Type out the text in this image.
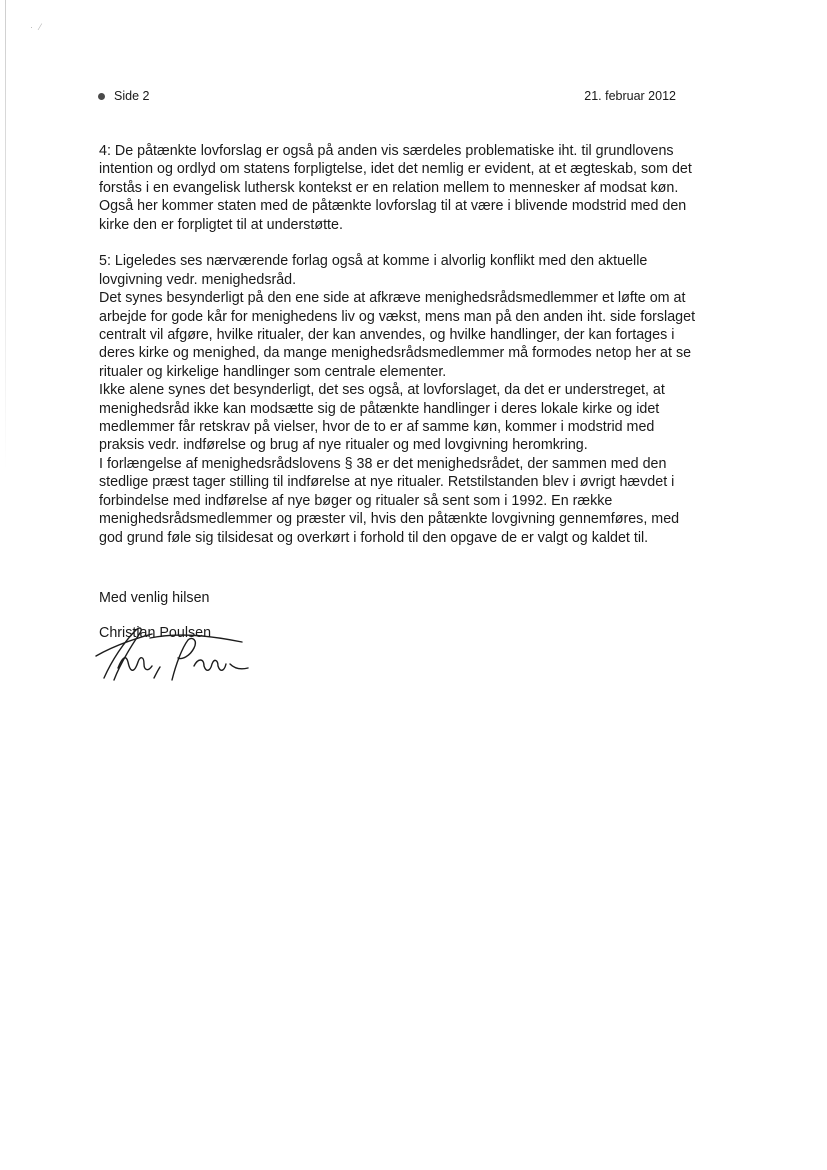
· ⁄
Side 2	21. februar 2012
4: De påtænkte lovforslag er også på anden vis særdeles problematiske iht. til grundlovens
intention og ordlyd om statens forpligtelse, idet det nemlig er evident, at et ægteskab, som det
forstås i en evangelisk luthersk kontekst er en relation mellem to mennesker af modsat køn.
Også her kommer staten med de påtænkte lovforslag til at være i blivende modstrid med den
kirke den er forpligtet til at understøtte.
5: Ligeledes ses nærværende forlag også at komme i alvorlig konflikt med den aktuelle
lovgivning vedr. menighedsråd.
Det synes besynderligt på den ene side at afkræve menighedsrådsmedlemmer et løfte om at
arbejde for gode kår for menighedens liv og vækst, mens man på den anden iht. side forslaget
centralt vil afgøre, hvilke ritualer, der kan anvendes, og hvilke handlinger, der kan fortages i
deres kirke og menighed, da mange menighedsrådsmedlemmer må formodes netop her at se
ritualer og kirkelige handlinger som centrale elementer.
Ikke alene synes det besynderligt, det ses også, at lovforslaget, da det er understreget, at
menighedsråd ikke kan modsætte sig de påtænkte handlinger i deres lokale kirke og idet
medlemmer får retskrav på vielser, hvor de to er af samme køn, kommer i modstrid med
praksis vedr. indførelse og brug af nye ritualer og med lovgivning heromkring.
I forlængelse af menighedsrådslovens § 38 er det menighedsrådet, der sammen med den
stedlige præst tager stilling til indførelse at nye ritualer. Retstilstanden blev i øvrigt hævdet i
forbindelse med indførelse af nye bøger og ritualer så sent som i 1992. En række
menighedsrådsmedlemmer og præster vil, hvis den påtænkte lovgivning gennemføres, med
god grund føle sig tilsidesat og overkørt i forhold til den opgave de er valgt og kaldet til.
Med venlig hilsen
Christian Poulsen
